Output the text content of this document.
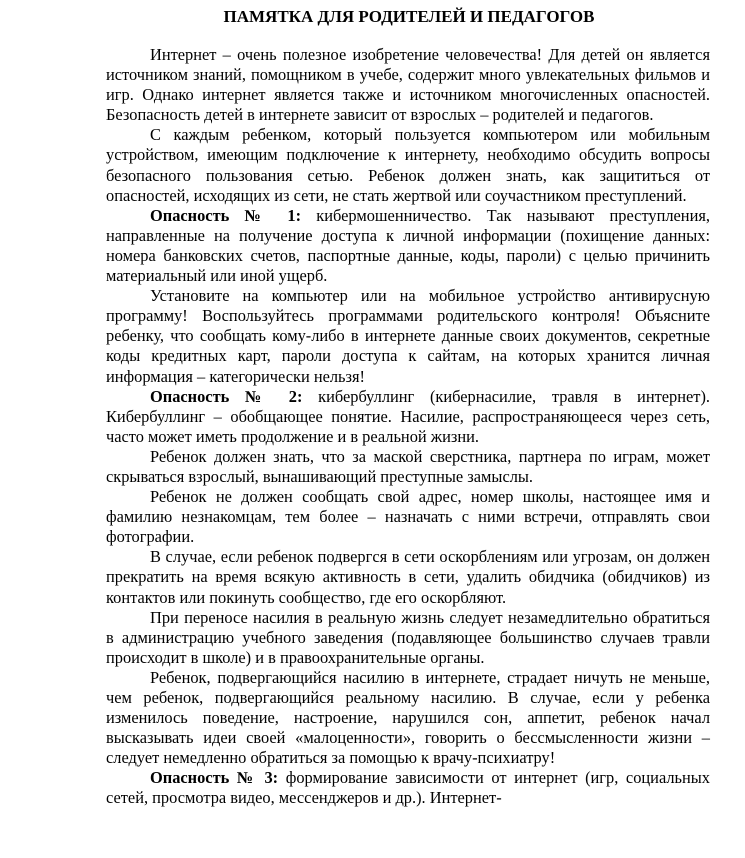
ПАМЯТКА ДЛЯ РОДИТЕЛЕЙ И ПЕДАГОГОВ

Интернет – очень полезное изобретение человечества! Для детей он является источником знаний, помощником в учебе, содержит много увлекательных фильмов и игр. Однако интернет является также и источником многочисленных опасностей. Безопасность детей в интернете зависит от взрослых – родителей и педагогов.

С каждым ребенком, который пользуется компьютером или мобильным устройством, имеющим подключение к интернету, необходимо обсудить вопросы безопасного пользования сетью. Ребенок должен знать, как защититься от опасностей, исходящих из сети, не стать жертвой или соучастником преступлений.

Опасность № 1: кибермошенничество. Так называют преступления, направленные на получение доступа к личной информации (похищение данных: номера банковских счетов, паспортные данные, коды, пароли) с целью причинить материальный или иной ущерб.

Установите на компьютер или на мобильное устройство антивирусную программу! Воспользуйтесь программами родительского контроля! Объясните ребенку, что сообщать кому-либо в интернете данные своих документов, секретные коды кредитных карт, пароли доступа к сайтам, на которых хранится личная информация – категорически нельзя!

Опасность № 2: кибербуллинг (кибернасилие, травля в интернет). Кибербуллинг – обобщающее понятие. Насилие, распространяющееся через сеть, часто может иметь продолжение и в реальной жизни.

Ребенок должен знать, что за маской сверстника, партнера по играм, может скрываться взрослый, вынашивающий преступные замыслы.

Ребенок не должен сообщать свой адрес, номер школы, настоящее имя и фамилию незнакомцам, тем более – назначать с ними встречи, отправлять свои фотографии.

В случае, если ребенок подвергся в сети оскорблениям или угрозам, он должен прекратить на время всякую активность в сети, удалить обидчика (обидчиков) из контактов или покинуть сообщество, где его оскорбляют.

При переносе насилия в реальную жизнь следует незамедлительно обратиться в администрацию учебного заведения (подавляющее большинство случаев травли происходит в школе) и в правоохранительные органы.

Ребенок, подвергающийся насилию в интернете, страдает ничуть не меньше, чем ребенок, подвергающийся реальному насилию. В случае, если у ребенка изменилось поведение, настроение, нарушился сон, аппетит, ребенок начал высказывать идеи своей «малоценности», говорить о бессмысленности жизни – следует немедленно обратиться за помощью к врачу-психиатру!

Опасность № 3: формирование зависимости от интернет (игр, социальных сетей, просмотра видео, мессенджеров и др.). Интернет-
